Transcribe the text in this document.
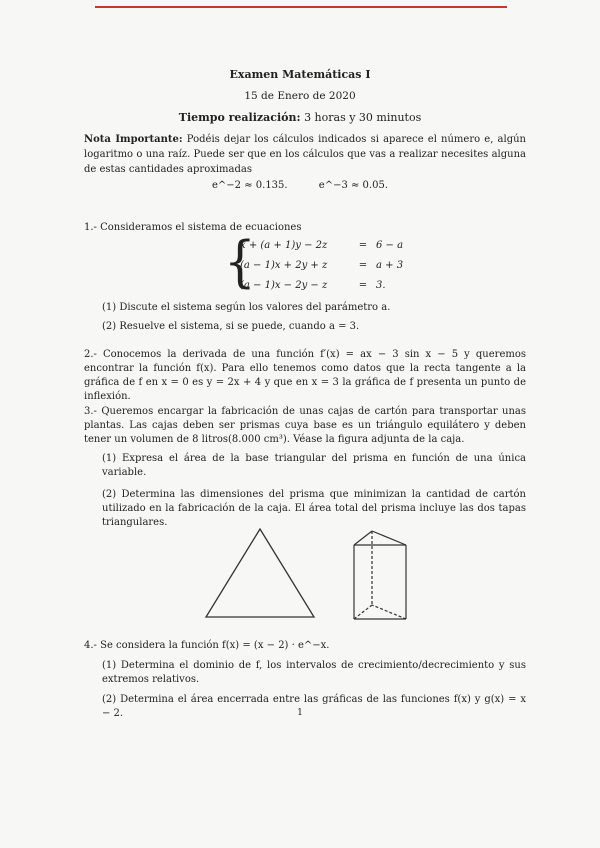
Examen Matemáticas I
15 de Enero de 2020
Tiempo realización: 3 horas y 30 minutos
Nota Importante: Podéis dejar los cálculos indicados si aparece el número e, algún logaritmo o una raíz. Puede ser que en los cálculos que vas a realizar necesites alguna de estas cantidades aproximadas
e^−2 ≈ 0.135.	e^−3 ≈ 0.05.
1.- Consideramos el sistema de ecuaciones
{
x + (a + 1)y − 2z	= 6 − a
(a − 1)x + 2y + z	= a + 3
(a − 1)x − 2y − z	= 3.
(1) Discute el sistema según los valores del parámetro a.
(2) Resuelve el sistema, si se puede, cuando a = 3.
2.- Conocemos la derivada de una función f′(x) = ax − 3 sin x − 5 y queremos encontrar la función f(x). Para ello tenemos como datos que la recta tangente a la gráfica de f en x = 0 es y = 2x + 4 y que en x = 3 la gráfica de f presenta un punto de inflexión.
3.- Queremos encargar la fabricación de unas cajas de cartón para transportar unas plantas. Las cajas deben ser prismas cuya base es un triángulo equilátero y deben tener un volumen de 8 litros(8.000 cm³). Véase la figura adjunta de la caja.
(1) Expresa el área de la base triangular del prisma en función de una única variable.
(2) Determina las dimensiones del prisma que minimizan la cantidad de cartón utilizado en la fabricación de la caja. El área total del prisma incluye las dos tapas triangulares.
4.- Se considera la función f(x) = (x − 2) · e^−x.
(1) Determina el dominio de f, los intervalos de crecimiento/decrecimiento y sus extremos relativos.
(2) Determina el área encerrada entre las gráficas de las funciones f(x) y g(x) = x − 2.	1
